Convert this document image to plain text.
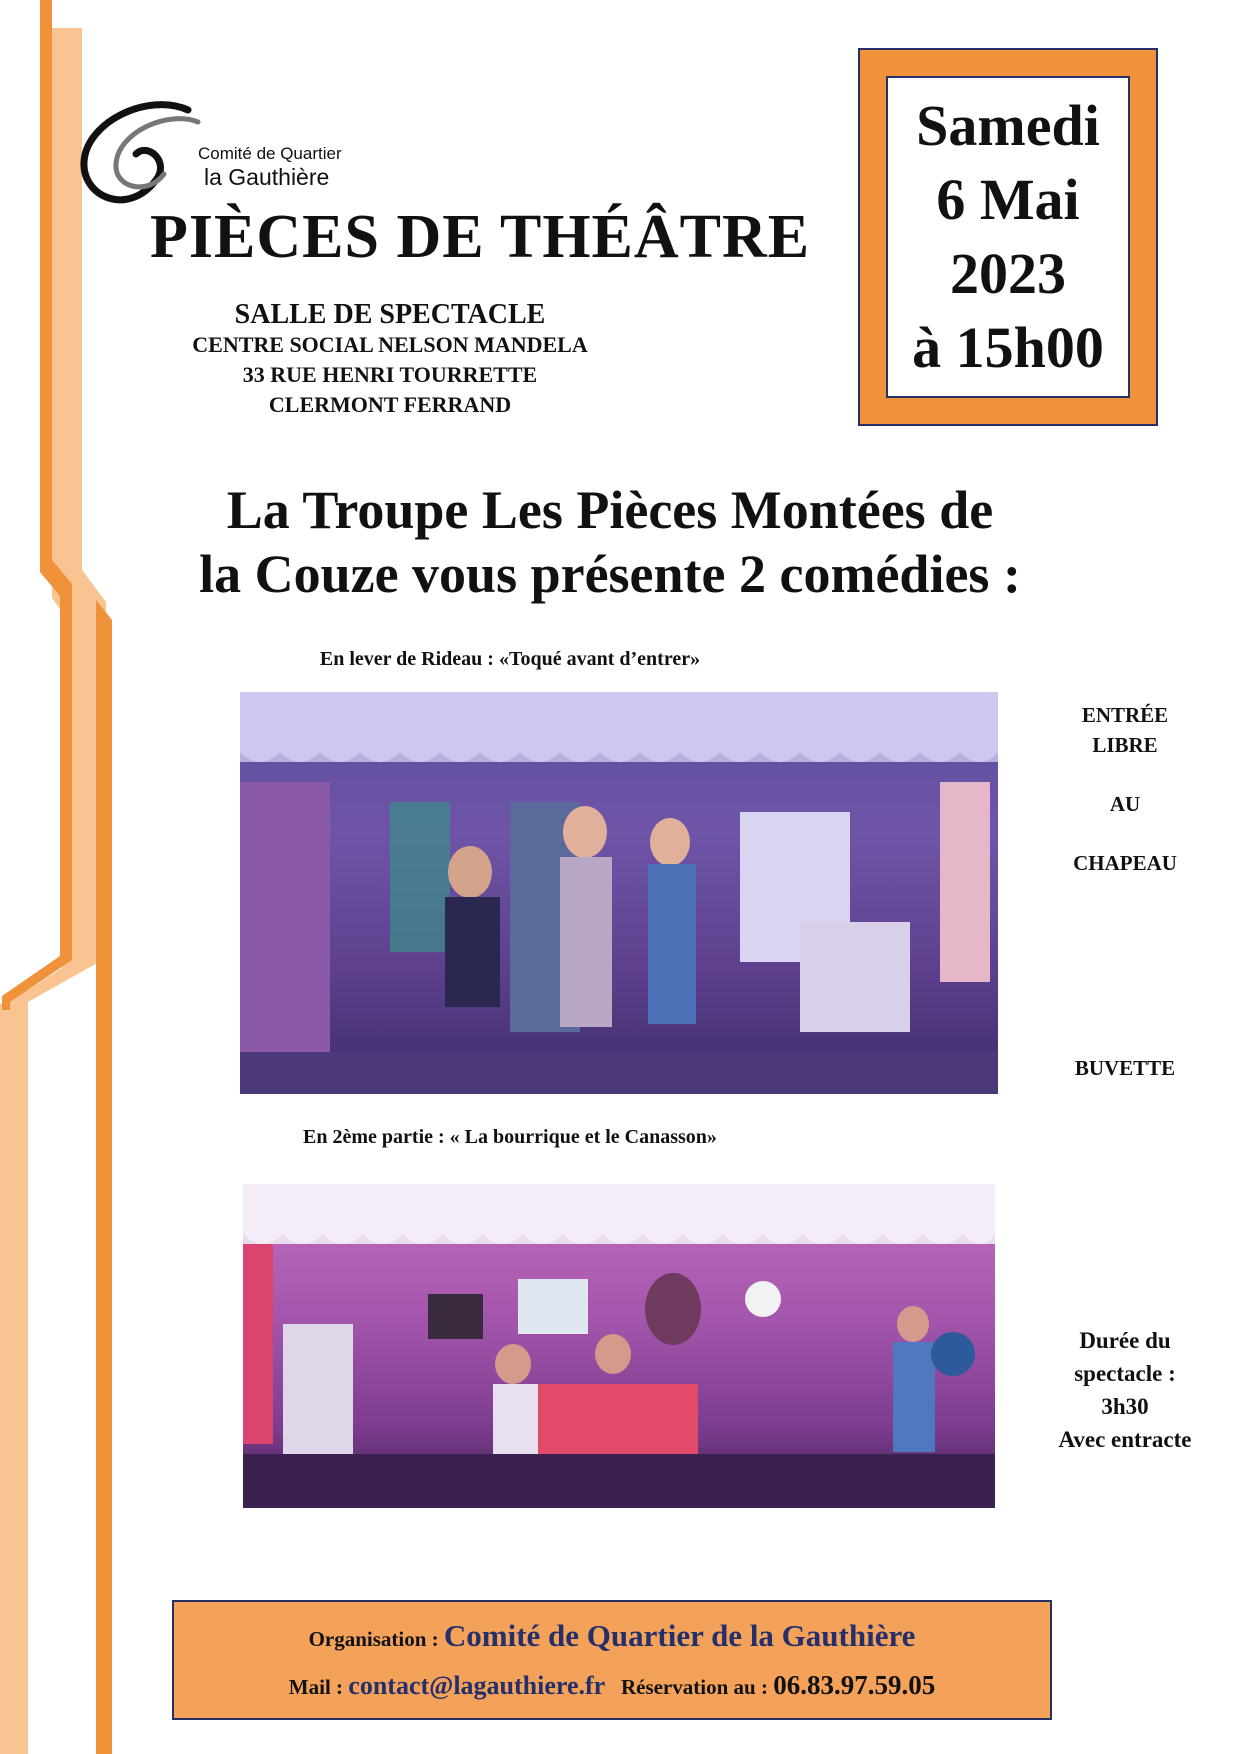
Comité de Quartier
la Gauthière
PIÈCES DE THÉÂTRE
SALLE DE SPECTACLE
CENTRE SOCIAL NELSON MANDELA
33 RUE HENRI TOURRETTE
CLERMONT FERRAND
Samedi
6 Mai
2023
à 15h00
La Troupe Les Pièces Montées de
la Couze vous présente 2 comédies :
En lever de Rideau : «Toqué avant d’entrer»
ENTRÉE
LIBRE
AU
CHAPEAU
BUVETTE
En 2ème partie : « La bourrique et le Canasson»
Durée du
spectacle :
3h30
Avec entracte
Organisation : Comité de Quartier de la Gauthière
Mail : contact@lagauthiere.fr   Réservation au : 06.83.97.59.05
